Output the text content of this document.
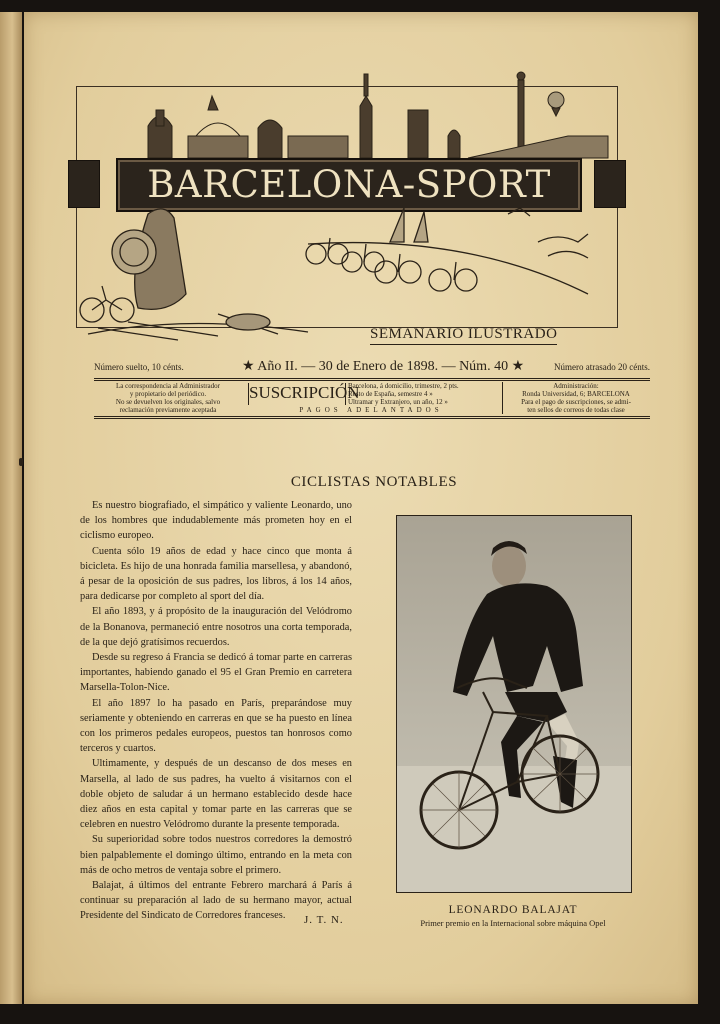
BARCELONA-SPORT
SEMANARIO ILUSTRADO
Número suelto, 10 cénts.	★ Año II. — 30 de Enero de 1898. — Núm. 40 ★	Número atrasado 20 cénts.
La correspondencia al Administrador
y propietario del periódico.
No se devuelven los originales, salvo
reclamación previamente aceptada
SUSCRIPCIÓN
Barcelona, á domicilio, trimestre, 2 pts.
Resto de España, semestre 4 »
Ultramar y Extranjero, un año, 12 »
Administración:
Ronda Universidad, 6; BARCELONA
Para el pago de suscripciones, se admi-
ten sellos de correos de todas clase
PAGOS ADELANTADOS
CICLISTAS NOTABLES

Es nuestro biografiado, el simpático y valiente Leonardo, uno de los hombres que indudablemente más prometen hoy en el ciclismo europeo.

Cuenta sólo 19 años de edad y hace cinco que monta á bicicleta. Es hijo de una honrada familia marsellesa, y abandonó, á pesar de la oposición de sus padres, los libros, á los 14 años, para dedicarse por completo al sport del día.

El año 1893, y á propósito de la inauguración del Velódromo de la Bonanova, permaneció entre nosotros una corta temporada, de la que dejó gratísimos recuerdos.

Desde su regreso á Francia se dedicó á tomar parte en carreras importantes, habiendo ganado el 95 el Gran Premio en carretera Marsella-Tolon-Nice.

El año 1897 lo ha pasado en París, preparándose muy seriamente y obteniendo en carreras en que se ha puesto en línea con los primeros pedales europeos, puestos tan honrosos como terceros y cuartos.

Ultimamente, y después de un descanso de dos meses en Marsella, al lado de sus padres, ha vuelto á visitarnos con el doble objeto de saludar á un hermano establecido desde hace diez años en esta capital y tomar parte en las carreras que se celebren en nuestro Velódromo durante la presente temporada.

Su superioridad sobre todos nuestros corredores la demostró bien palpablemente el domingo último, entrando en la meta con más de ocho metros de ventaja sobre el primero.

Balajat, á últimos del entrante Febrero marchará á París á continuar su preparación al lado de su hermano mayor, actual Presidente del Sindicato de Corredores franceses.	J. T. N.
LEONARDO BALAJAT
Primer premio en la Internacional sobre máquina Opel
